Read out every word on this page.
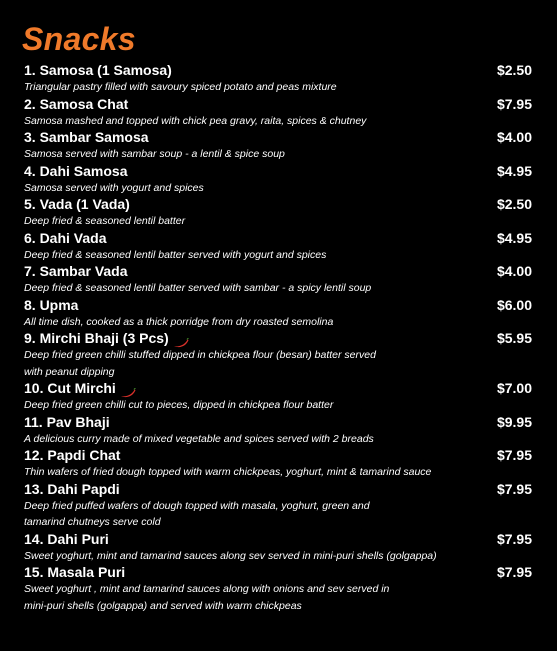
Snacks
1. Samosa (1 Samosa)	$2.50
Triangular pastry filled with savoury spiced potato and peas mixture
2. Samosa Chat	$7.95
Samosa mashed and topped with chick pea gravy, raita, spices & chutney
3. Sambar Samosa	$4.00
Samosa served with sambar soup - a lentil & spice soup
4. Dahi Samosa	$4.95
Samosa served with yogurt and spices
5. Vada (1 Vada)	$2.50
Deep fried & seasoned lentil batter
6. Dahi Vada	$4.95
Deep fried & seasoned lentil batter served with yogurt and spices
7. Sambar Vada	$4.00
Deep fried & seasoned lentil batter served with sambar - a spicy lentil soup
8. Upma	$6.00
All time dish, cooked as a thick porridge from dry roasted semolina
9. Mirchi Bhaji (3 Pcs)	$5.95
Deep fried green chilli stuffed dipped in chickpea flour (besan) batter served
with peanut dipping
10. Cut Mirchi	$7.00
Deep fried green chilli cut to pieces, dipped in chickpea flour batter
11. Pav Bhaji	$9.95
A delicious curry made of mixed vegetable and spices served with 2 breads
12. Papdi Chat	$7.95
Thin wafers of fried dough topped with warm chickpeas, yoghurt, mint & tamarind sauce
13. Dahi Papdi	$7.95
Deep fried puffed wafers of dough topped with masala, yoghurt, green and
tamarind chutneys serve cold
14. Dahi Puri	$7.95
Sweet yoghurt, mint and tamarind sauces along sev served in mini-puri shells (golgappa)
15. Masala Puri	$7.95
Sweet yoghurt , mint and tamarind sauces along with onions and sev served in
mini-puri shells (golgappa) and served with warm chickpeas
